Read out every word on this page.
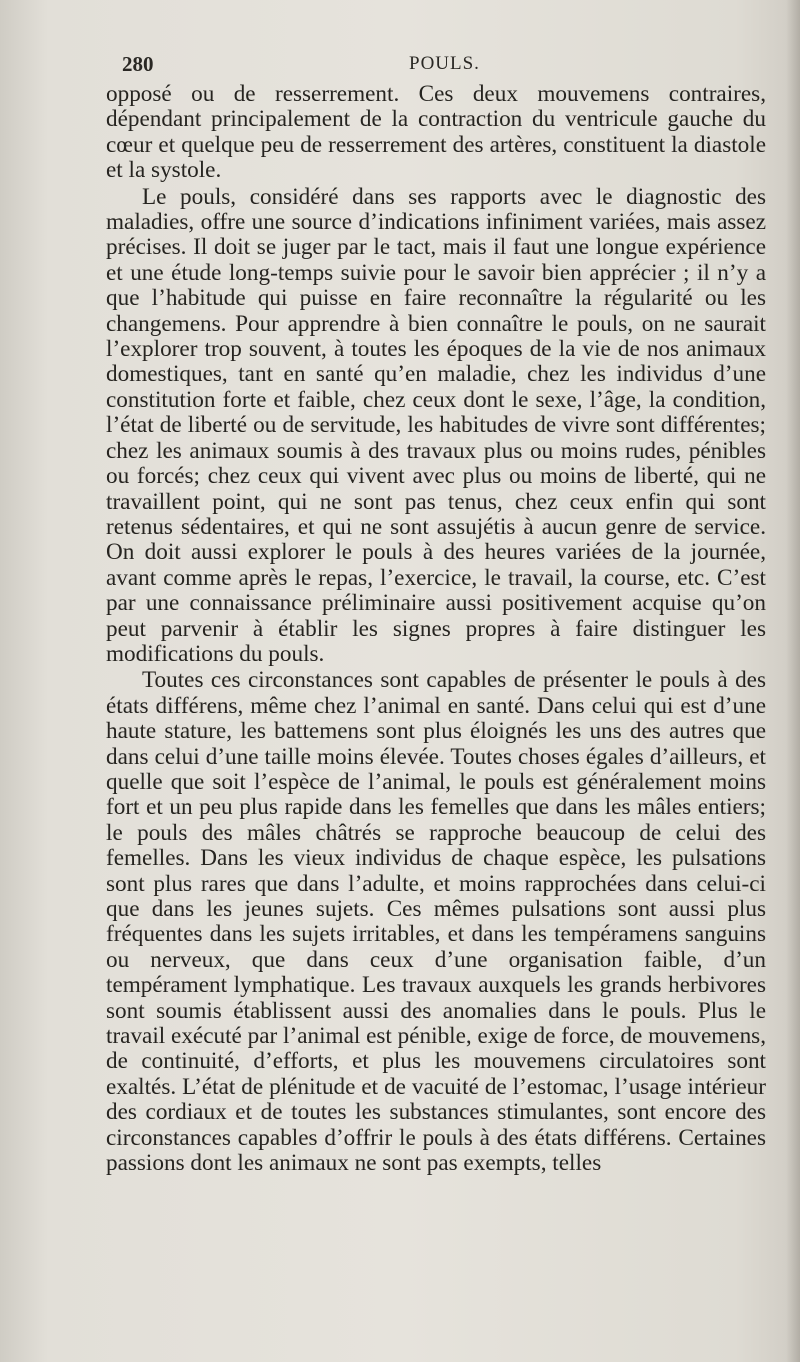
280	POULS.

opposé ou de resserrement. Ces deux mouvemens contraires, dépendant principalement de la contraction du ventricule gauche du cœur et quelque peu de resserrement des artères, constituent la diastole et la systole.

Le pouls, considéré dans ses rapports avec le diagnostic des maladies, offre une source d’indications infiniment variées, mais assez précises. Il doit se juger par le tact, mais il faut une longue expérience et une étude long-temps suivie pour le savoir bien apprécier ; il n’y a que l’habitude qui puisse en faire reconnaître la régularité ou les changemens. Pour apprendre à bien connaître le pouls, on ne saurait l’explorer trop souvent, à toutes les époques de la vie de nos animaux domestiques, tant en santé qu’en maladie, chez les individus d’une constitution forte et faible, chez ceux dont le sexe, l’âge, la condition, l’état de liberté ou de servitude, les habitudes de vivre sont différentes; chez les animaux soumis à des travaux plus ou moins rudes, pénibles ou forcés; chez ceux qui vivent avec plus ou moins de liberté, qui ne travaillent point, qui ne sont pas tenus, chez ceux enfin qui sont retenus sédentaires, et qui ne sont assujétis à aucun genre de service. On doit aussi explorer le pouls à des heures variées de la journée, avant comme après le repas, l’exercice, le travail, la course, etc. C’est par une connaissance préliminaire aussi positivement acquise qu’on peut parvenir à établir les signes propres à faire distinguer les modifications du pouls.

Toutes ces circonstances sont capables de présenter le pouls à des états différens, même chez l’animal en santé. Dans celui qui est d’une haute stature, les battemens sont plus éloignés les uns des autres que dans celui d’une taille moins élevée. Toutes choses égales d’ailleurs, et quelle que soit l’espèce de l’animal, le pouls est généralement moins fort et un peu plus rapide dans les femelles que dans les mâles entiers; le pouls des mâles châtrés se rapproche beaucoup de celui des femelles. Dans les vieux individus de chaque espèce, les pulsations sont plus rares que dans l’adulte, et moins rapprochées dans celui-ci que dans les jeunes sujets. Ces mêmes pulsations sont aussi plus fréquentes dans les sujets irritables, et dans les tempéramens sanguins ou nerveux, que dans ceux d’une organisation faible, d’un tempérament lymphatique. Les travaux auxquels les grands herbivores sont soumis établissent aussi des anomalies dans le pouls. Plus le travail exécuté par l’animal est pénible, exige de force, de mouvemens, de continuité, d’efforts, et plus les mouvemens circulatoires sont exaltés. L’état de plénitude et de vacuité de l’estomac, l’usage intérieur des cordiaux et de toutes les substances stimulantes, sont encore des circonstances capables d’offrir le pouls à des états différens. Certaines passions dont les animaux ne sont pas exempts, telles
